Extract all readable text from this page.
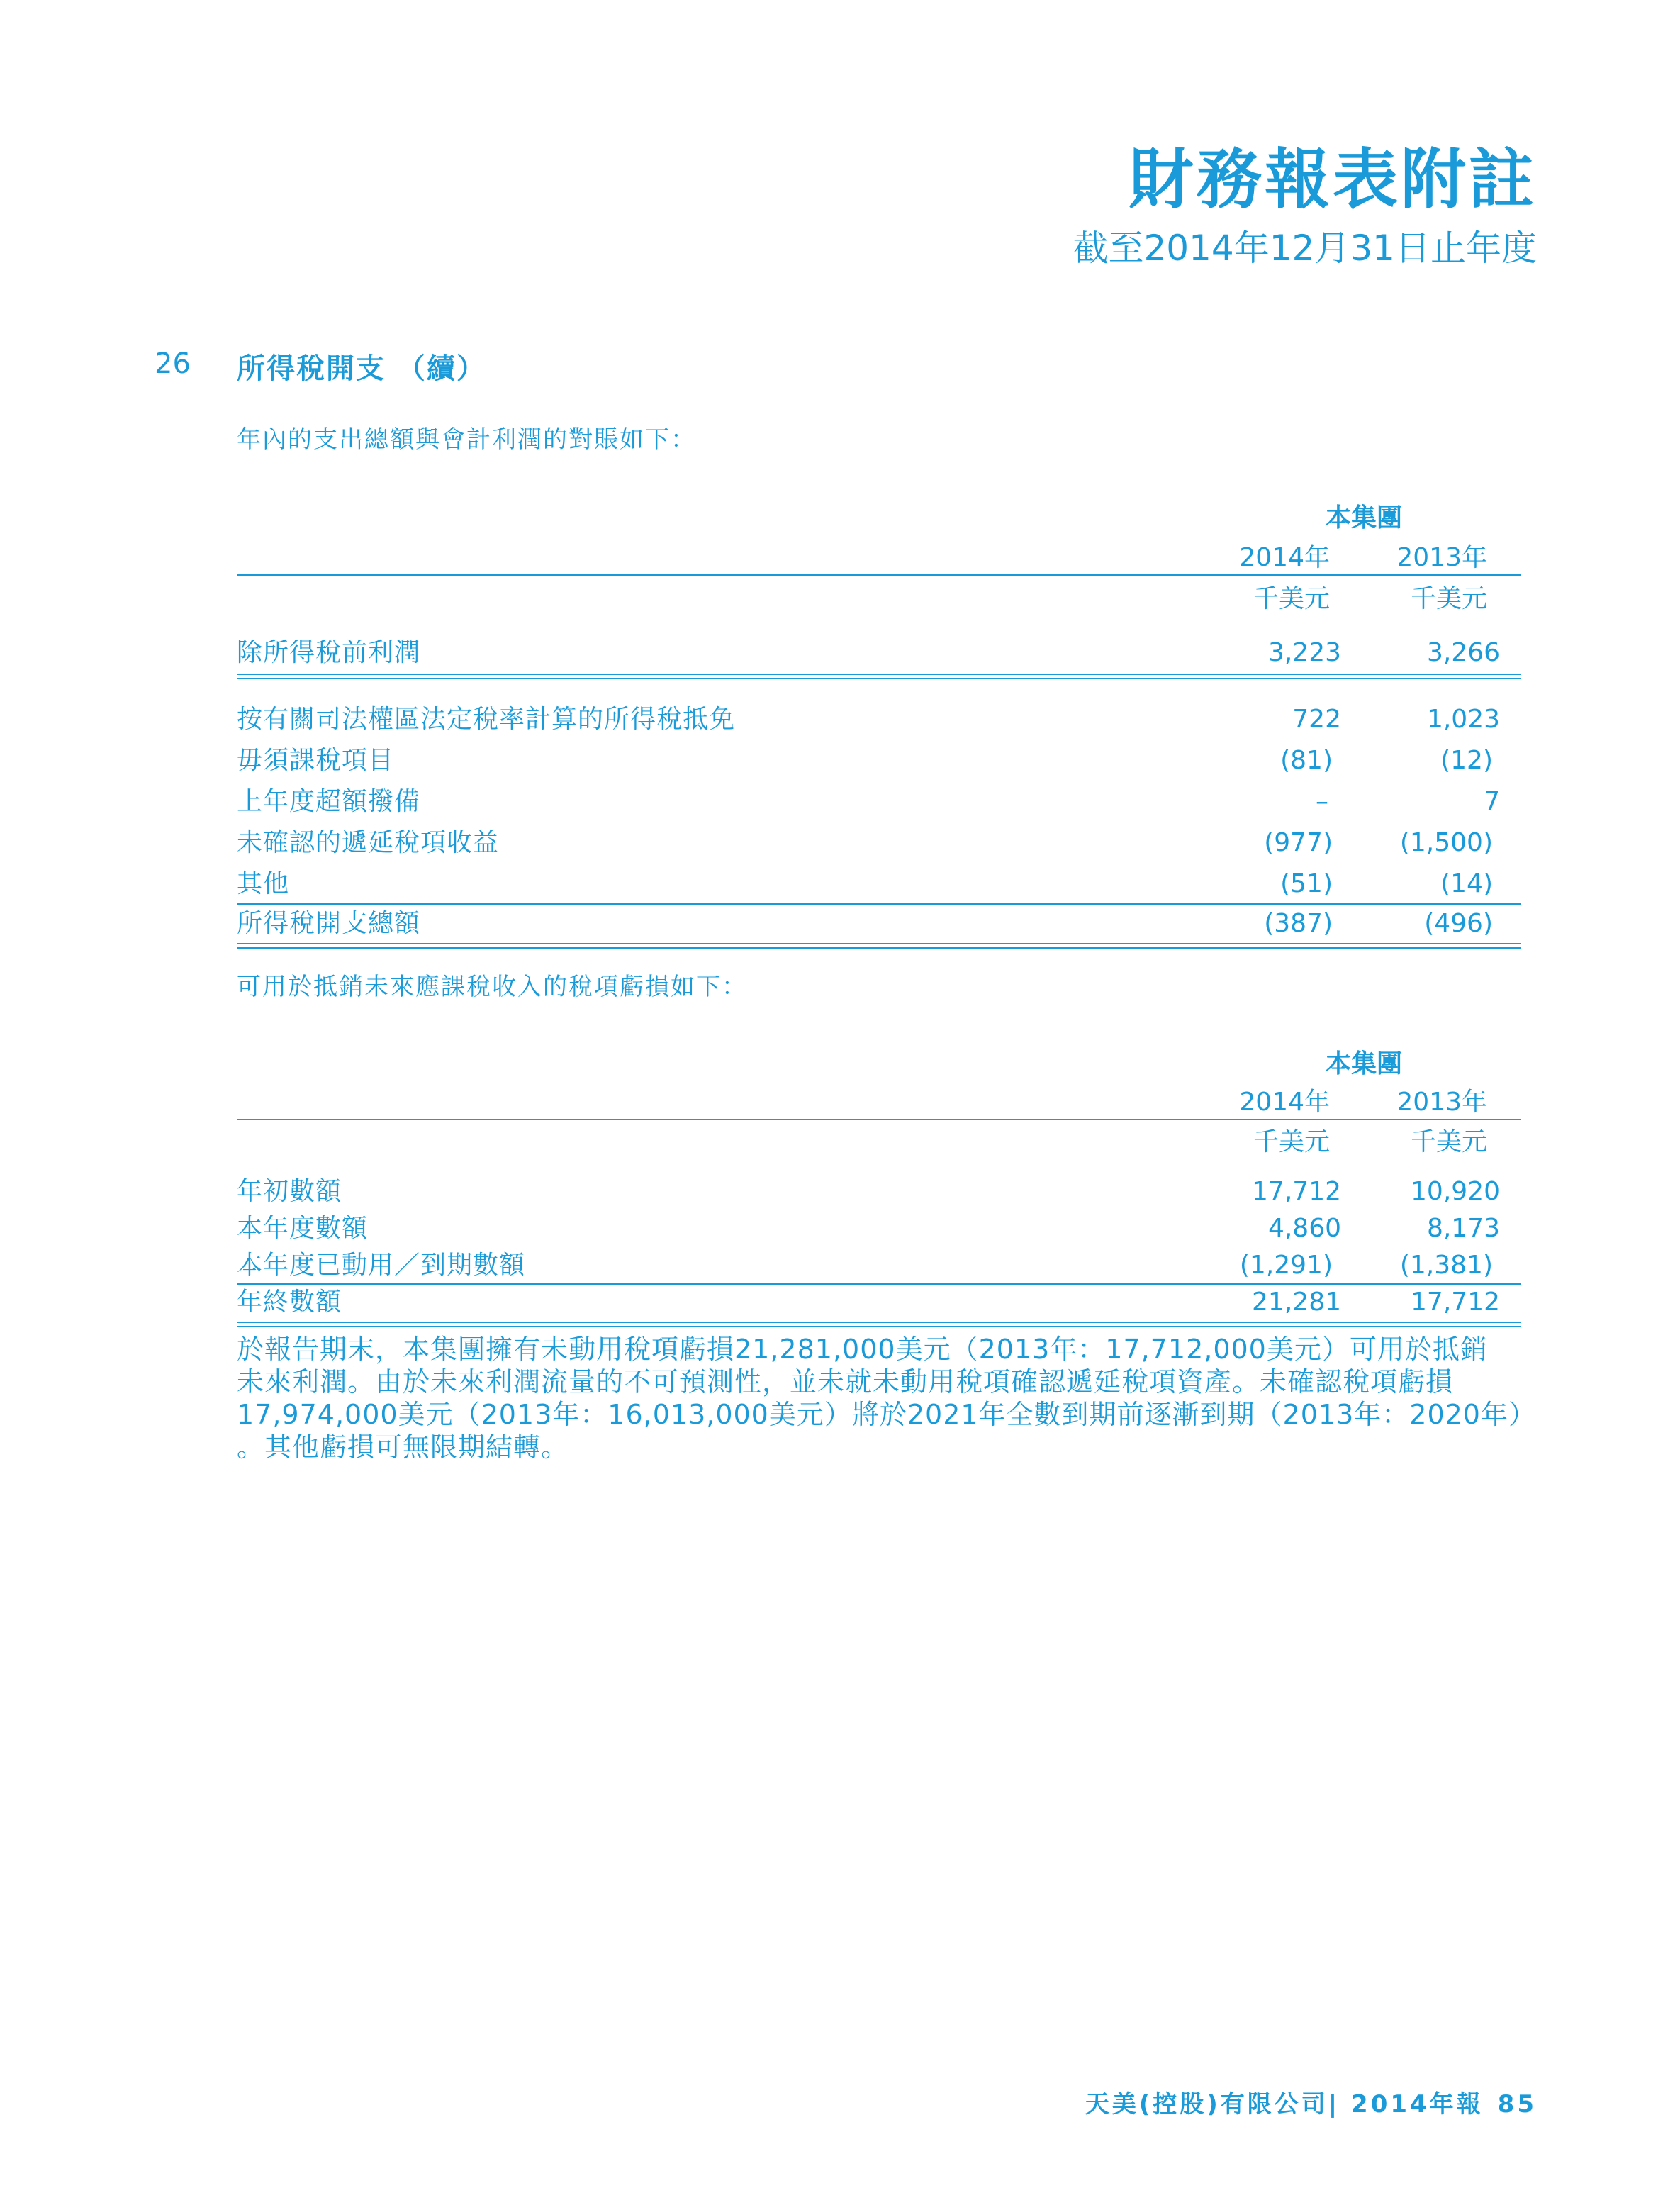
財務報表附註
截至2014年12月31日止年度
26 所得稅開支 （續）
年內的支出總額與會計利潤的對賬如下：
本集團
2014年	2013年
千美元	千美元
除所得稅前利潤	3,223	3,266
按有關司法權區法定稅率計算的所得稅抵免	722	1,023
毋須課稅項目	(81)	(12)
上年度超額撥備	–	7
未確認的遞延稅項收益	(977)	(1,500)
其他	(51)	(14)
所得稅開支總額	(387)	(496)
可用於抵銷未來應課稅收入的稅項虧損如下：
本集團
2014年	2013年
千美元	千美元
年初數額	17,712	10,920
本年度數額	4,860	8,173
本年度已動用／到期數額	(1,291)	(1,381)
年終數額	21,281	17,712

於報告期末，本集團擁有未動用稅項虧損21,281,000美元（2013年：17,712,000美元）可用於抵銷

未來利潤。由於未來利潤流量的不可預測性，並未就未動用稅項確認遞延稅項資產。未確認稅項虧損

17,974,000美元（2013年：16,013,000美元）將於2021年全數到期前逐漸到期（2013年：2020年）

。其他虧損可無限期結轉。

天美(控股)有限公司| 2014年報 85
